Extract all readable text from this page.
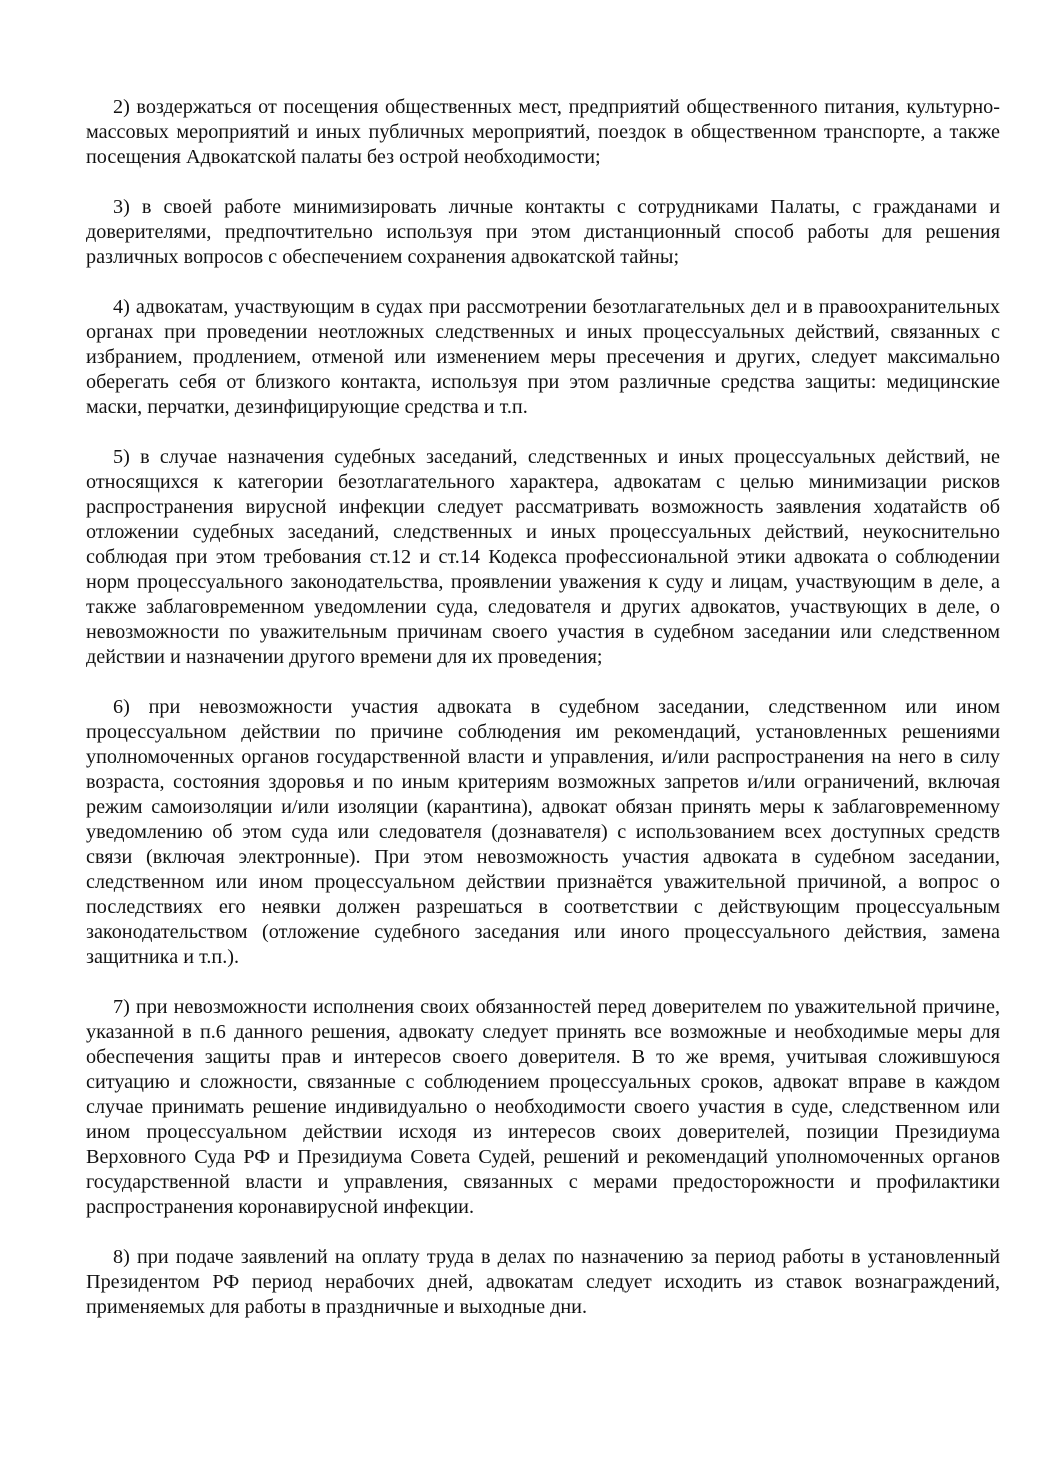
2) воздержаться от посещения общественных мест, предприятий общественного питания, культурно-массовых мероприятий и иных публичных мероприятий, поездок в общественном транспорте, а также посещения Адвокатской палаты без острой необходимости;

3) в своей работе минимизировать личные контакты с сотрудниками Палаты, с гражданами и доверителями, предпочтительно используя при этом дистанционный способ работы для решения различных вопросов с обеспечением сохранения адвокатской тайны;

4) адвокатам, участвующим в судах при рассмотрении безотлагательных дел и в правоохранительных органах при проведении неотложных следственных и иных процессуальных действий, связанных с избранием, продлением, отменой или изменением меры пресечения и других, следует максимально оберегать себя от близкого контакта, используя при этом различные средства защиты: медицинские маски, перчатки, дезинфицирующие средства и т.п.

5) в случае назначения судебных заседаний, следственных и иных процессуальных действий, не относящихся к категории безотлагательного характера, адвокатам с целью минимизации рисков распространения вирусной инфекции следует рассматривать возможность заявления ходатайств об отложении судебных заседаний, следственных и иных процессуальных действий, неукоснительно соблюдая при этом требования ст.12 и ст.14 Кодекса профессиональной этики адвоката о соблюдении норм процессуального законодательства, проявлении уважения к суду и лицам, участвующим в деле, а также заблаговременном уведомлении суда, следователя и других адвокатов, участвующих в деле, о невозможности по уважительным причинам своего участия в судебном заседании или следственном действии и назначении другого времени для их проведения;

6) при невозможности участия адвоката в судебном заседании, следственном или ином процессуальном действии по причине соблюдения им рекомендаций, установленных решениями уполномоченных органов государственной власти и управления, и/или распространения на него в силу возраста, состояния здоровья и по иным критериям возможных запретов и/или ограничений, включая режим самоизоляции и/или изоляции (карантина), адвокат обязан принять меры к заблаговременному уведомлению об этом суда или следователя (дознавателя) с использованием всех доступных средств связи (включая электронные). При этом невозможность участия адвоката в судебном заседании, следственном или ином процессуальном действии признаётся уважительной причиной, а вопрос о последствиях его неявки должен разрешаться в соответствии с действующим процессуальным законодательством (отложение судебного заседания или иного процессуального действия, замена защитника и т.п.).

7) при невозможности исполнения своих обязанностей перед доверителем по уважительной причине, указанной в п.6 данного решения, адвокату следует принять все возможные и необходимые меры для обеспечения защиты прав и интересов своего доверителя. В то же время, учитывая сложившуюся ситуацию и сложности, связанные с соблюдением процессуальных сроков, адвокат вправе в каждом случае принимать решение индивидуально о необходимости своего участия в суде, следственном или ином процессуальном действии исходя из интересов своих доверителей, позиции Президиума Верховного Суда РФ и Президиума Совета Судей, решений и рекомендаций уполномоченных органов государственной власти и управления, связанных с мерами предосторожности и профилактики распространения коронавирусной инфекции.

8) при подаче заявлений на оплату труда в делах по назначению за период работы в установленный Президентом РФ период нерабочих дней, адвокатам следует исходить из ставок вознаграждений, применяемых для работы в праздничные и выходные дни.
